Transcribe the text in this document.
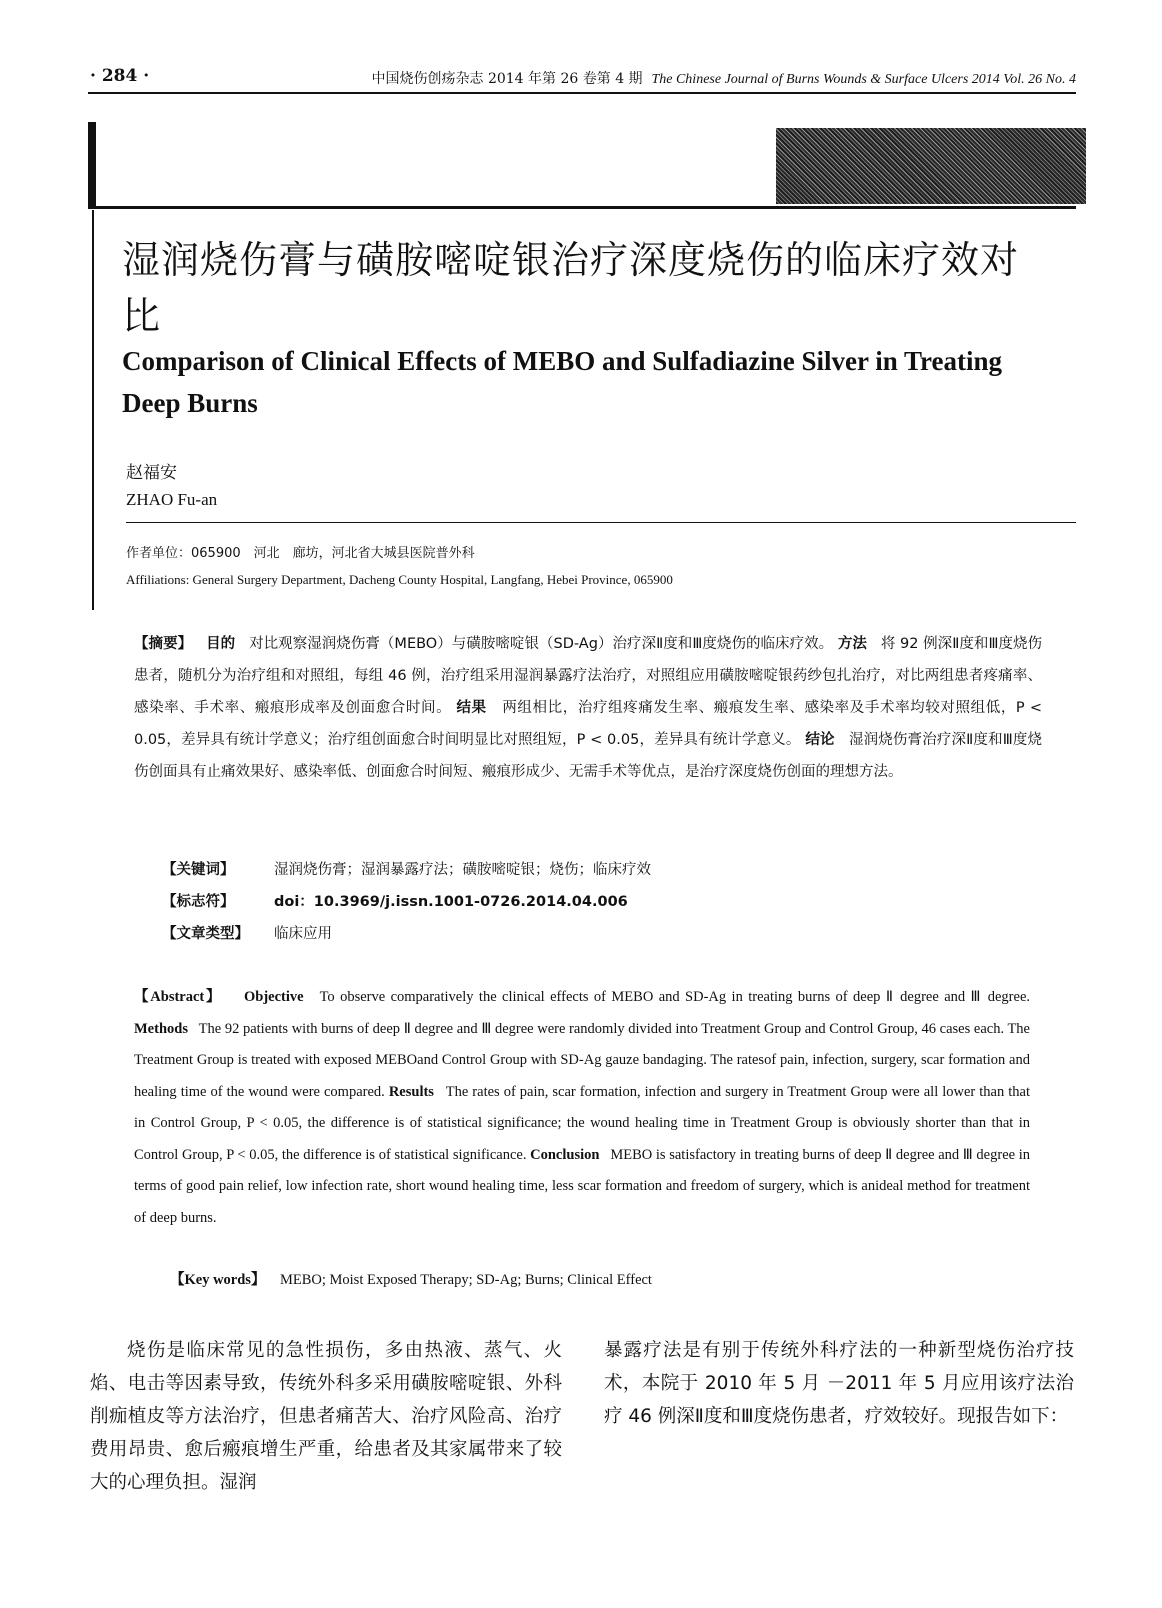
· 284 ·	中国烧伤创疡杂志 2014 年第 26 卷第 4 期 The Chinese Journal of Burns Wounds & Surface Ulcers 2014 Vol. 26 No. 4
湿润烧伤膏与磺胺嘧啶银治疗深度烧伤的临床疗效对比
Comparison of Clinical Effects of MEBO and Sulfadiazine Silver in Treating Deep Burns
赵福安
ZHAO Fu-an
作者单位：065900　河北　廊坊，河北省大城县医院普外科
Affiliations: General Surgery Department, Dacheng County Hospital, Langfang, Hebei Province, 065900
【摘要】 目的 对比观察湿润烧伤膏（MEBO）与磺胺嘧啶银（SD-Ag）治疗深Ⅱ度和Ⅲ度烧伤的临床疗效。 方法 将 92 例深Ⅱ度和Ⅲ度烧伤患者，随机分为治疗组和对照组，每组 46 例，治疗组采用湿润暴露疗法治疗，对照组应用磺胺嘧啶银药纱包扎治疗，对比两组患者疼痛率、感染率、手术率、瘢痕形成率及创面愈合时间。 结果 两组相比，治疗组疼痛发生率、瘢痕发生率、感染率及手术率均较对照组低，P < 0.05，差异具有统计学意义；治疗组创面愈合时间明显比对照组短，P < 0.05，差异具有统计学意义。 结论 湿润烧伤膏治疗深Ⅱ度和Ⅲ度烧伤创面具有止痛效果好、感染率低、创面愈合时间短、瘢痕形成少、无需手术等优点，是治疗深度烧伤创面的理想方法。
【关键词】	湿润烧伤膏；湿润暴露疗法；磺胺嘧啶银；烧伤；临床疗效
【标志符】	doi：10.3969/j.issn.1001-0726.2014.04.006
【文章类型】 临床应用
【Abstract】 Objective To observe comparatively the clinical effects of MEBO and SD-Ag in treating burns of deep Ⅱ degree and Ⅲ degree. Methods The 92 patients with burns of deep Ⅱ degree and Ⅲ degree were randomly divided into Treatment Group and Control Group, 46 cases each. The Treatment Group is treated with exposed MEBOand Control Group with SD-Ag gauze bandaging. The ratesof pain, infection, surgery, scar formation and healing time of the wound were compared. Results The rates of pain, scar formation, infection and surgery in Treatment Group were all lower than that in Control Group, P < 0.05, the difference is of statistical significance; the wound healing time in Treatment Group is obviously shorter than that in Control Group, P < 0.05, the difference is of statistical significance. Conclusion MEBO is satisfactory in treating burns of deep Ⅱ degree and Ⅲ degree in terms of good pain relief, low infection rate, short wound healing time, less scar formation and freedom of surgery, which is anideal method for treatment of deep burns.
【Key words】 MEBO; Moist Exposed Therapy; SD-Ag; Burns; Clinical Effect

烧伤是临床常见的急性损伤，多由热液、蒸气、火焰、电击等因素导致，传统外科多采用磺胺嘧啶银、外科削痂植皮等方法治疗，但患者痛苦大、治疗风险高、治疗费用昂贵、愈后瘢痕增生严重，给患者及其家属带来了较大的心理负担。湿润

暴露疗法是有别于传统外科疗法的一种新型烧伤治疗技术，本院于 2010 年 5 月 －2011 年 5 月应用该疗法治疗 46 例深Ⅱ度和Ⅲ度烧伤患者，疗效较好。现报告如下：
